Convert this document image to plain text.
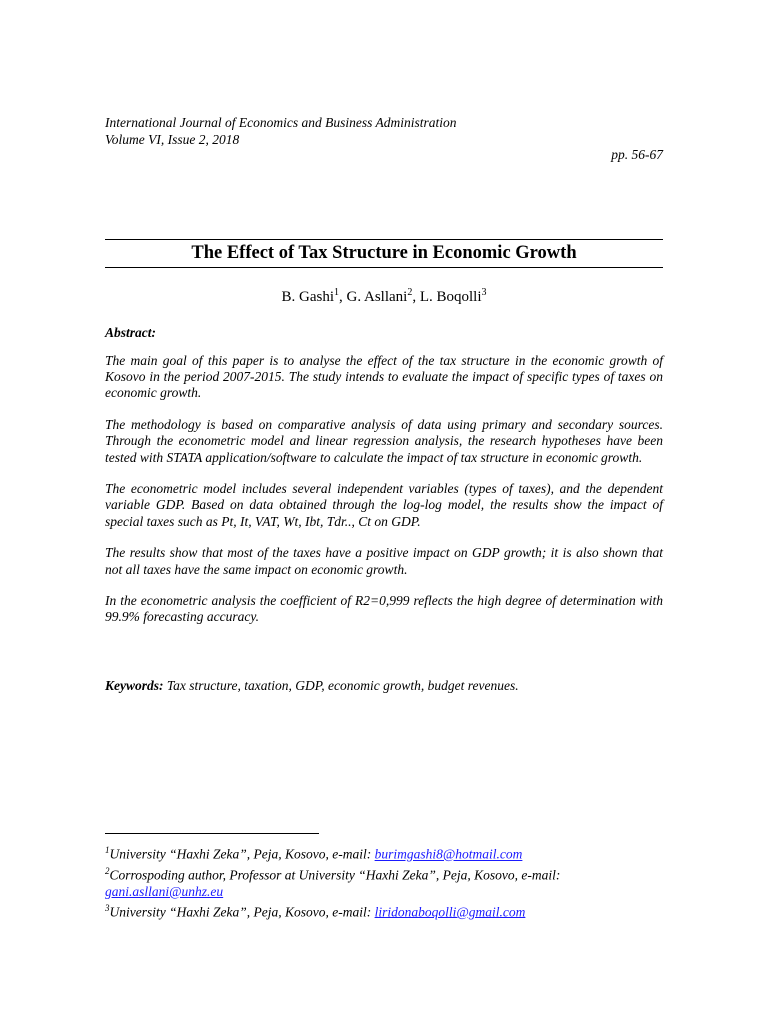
International Journal of Economics and Business Administration
Volume VI, Issue 2, 2018
pp. 56-67
The Effect of Tax Structure in Economic Growth
B. Gashi$^1$, G. Asllani$^2$, L. Boqolli$^3$
Abstract:

The main goal of this paper is to analyse the effect of the tax structure in the economic growth of Kosovo in the period 2007-2015. The study intends to evaluate the impact of specific types of taxes on economic growth.

The methodology is based on comparative analysis of data using primary and secondary sources. Through the econometric model and linear regression analysis, the research hypotheses have been tested with STATA application/software to calculate the impact of tax structure in economic growth.

The econometric model includes several independent variables (types of taxes), and the dependent variable GDP. Based on data obtained through the log-log model, the results show the impact of special taxes such as Pt, It, VAT, Wt, Ibt, Tdr.., Ct on GDP.

The results show that most of the taxes have a positive impact on GDP growth; it is also shown that not all taxes have the same impact on economic growth.

In the econometric analysis the coefficient of R2=0,999 reflects the high degree of determination with 99.9% forecasting accuracy.

Keywords: Tax structure, taxation, GDP, economic growth, budget revenues.
$^1$University “Haxhi Zeka”, Peja, Kosovo, e-mail: burimgashi8@hotmail.com
$^2$Corrospoding author, Professor at University “Haxhi Zeka”, Peja, Kosovo, e-mail: gani.asllani@unhz.eu
$^3$University “Haxhi Zeka”, Peja, Kosovo, e-mail: liridonaboqolli@gmail.com
